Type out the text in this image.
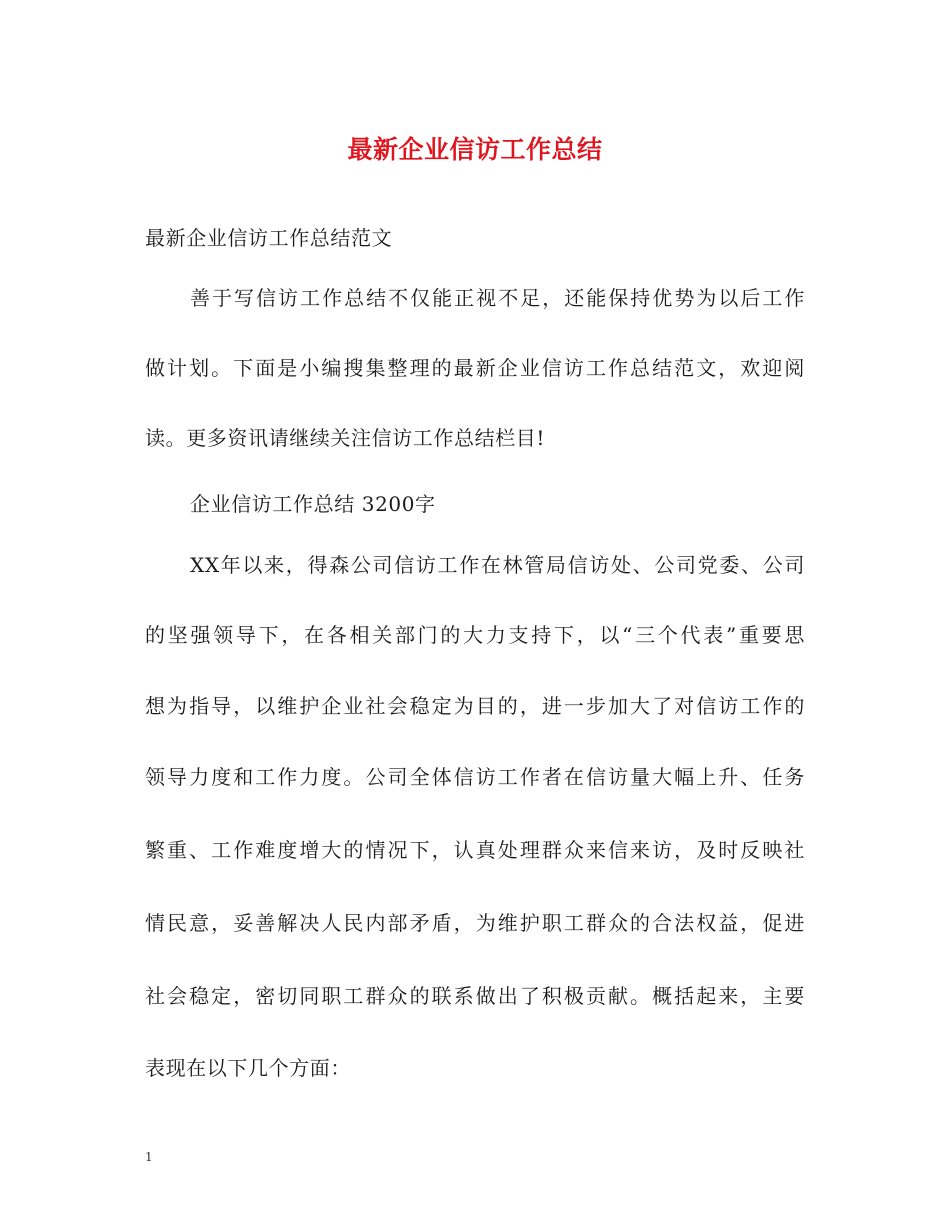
最新企业信访工作总结
最新企业信访工作总结范文
善于写信访工作总结不仅能正视不足，还能保持优势为以后工作
做计划。下面是小编搜集整理的最新企业信访工作总结范文，欢迎阅
读。更多资讯请继续关注信访工作总结栏目!
企业信访工作总结 3200字
XX年以来，得森公司信访工作在林管局信访处、公司党委、公司
的坚强领导下，在各相关部门的大力支持下，以“三个代表”重要思
想为指导，以维护企业社会稳定为目的，进一步加大了对信访工作的
领导力度和工作力度。公司全体信访工作者在信访量大幅上升、任务
繁重、工作难度增大的情况下，认真处理群众来信来访，及时反映社
情民意，妥善解决人民内部矛盾，为维护职工群众的合法权益，促进
社会稳定，密切同职工群众的联系做出了积极贡献。概括起来，主要
表现在以下几个方面：
1
